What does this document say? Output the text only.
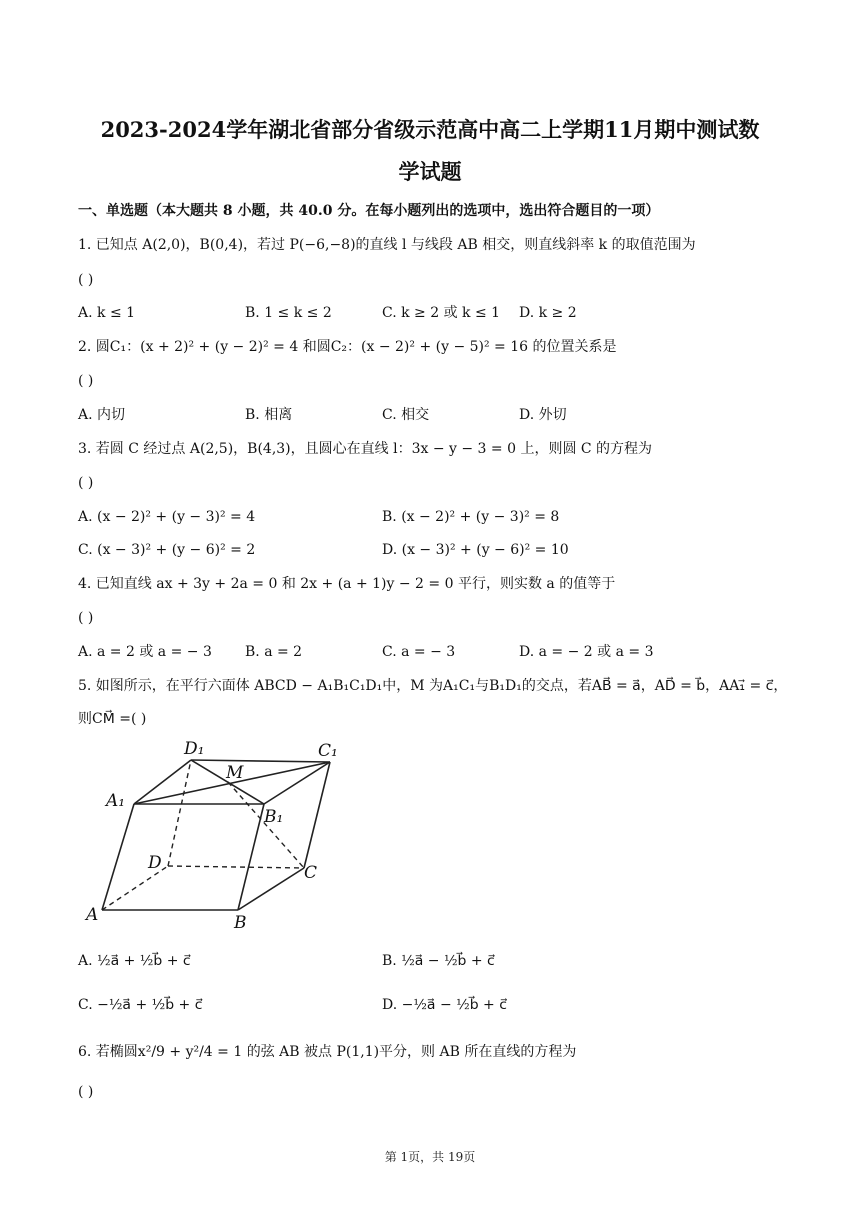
2023-2024学年湖北省部分省级示范高中高二上学期11月期中测试数
学试题
一、单选题（本大题共 8 小题，共 40.0 分。在每小题列出的选项中，选出符合题目的一项）
1. 已知点 A(2,0)，B(0,4)，若过 P(−6,−8)的直线 l 与线段 AB 相交，则直线斜率 k 的取值范围为
( )
A. k ≤ 1	B. 1 ≤ k ≤ 2	C. k ≥ 2 或 k ≤ 1 D. k ≥ 2
2. 圆C₁：(x + 2)² + (y − 2)² = 4 和圆C₂：(x − 2)² + (y − 5)² = 16 的位置关系是
( )
A. 内切	B. 相离	C. 相交	D. 外切
3. 若圆 C 经过点 A(2,5)，B(4,3)，且圆心在直线 l：3x − y − 3 = 0 上，则圆 C 的方程为
( )
A. (x − 2)² + (y − 3)² = 4	B. (x − 2)² + (y − 3)² = 8
C. (x − 3)² + (y − 6)² = 2	D. (x − 3)² + (y − 6)² = 10
4. 已知直线 ax + 3y + 2a = 0 和 2x + (a + 1)y − 2 = 0 平行，则实数 a 的值等于
( )
A. a = 2 或 a = − 3 B. a = 2	C. a = − 3	D. a = − 2 或 a = 3
5. 如图所示，在平行六面体 ABCD − A₁B₁C₁D₁中，M 为A₁C₁与B₁D₁的交点，若AB⃗ = a⃗，AD⃗ = b⃗，AA₁⃗ = c⃗，
则CM⃗ =( )
D₁	C₁
M
A₁
B₁
D	C
A	B
A. ½a⃗ + ½b⃗ + c⃗	B. ½a⃗ − ½b⃗ + c⃗
C. −½a⃗ + ½b⃗ + c⃗	D. −½a⃗ − ½b⃗ + c⃗
6. 若椭圆x²/9 + y²/4 = 1 的弦 AB 被点 P(1,1)平分，则 AB 所在直线的方程为
( )
第 1页，共 19页
